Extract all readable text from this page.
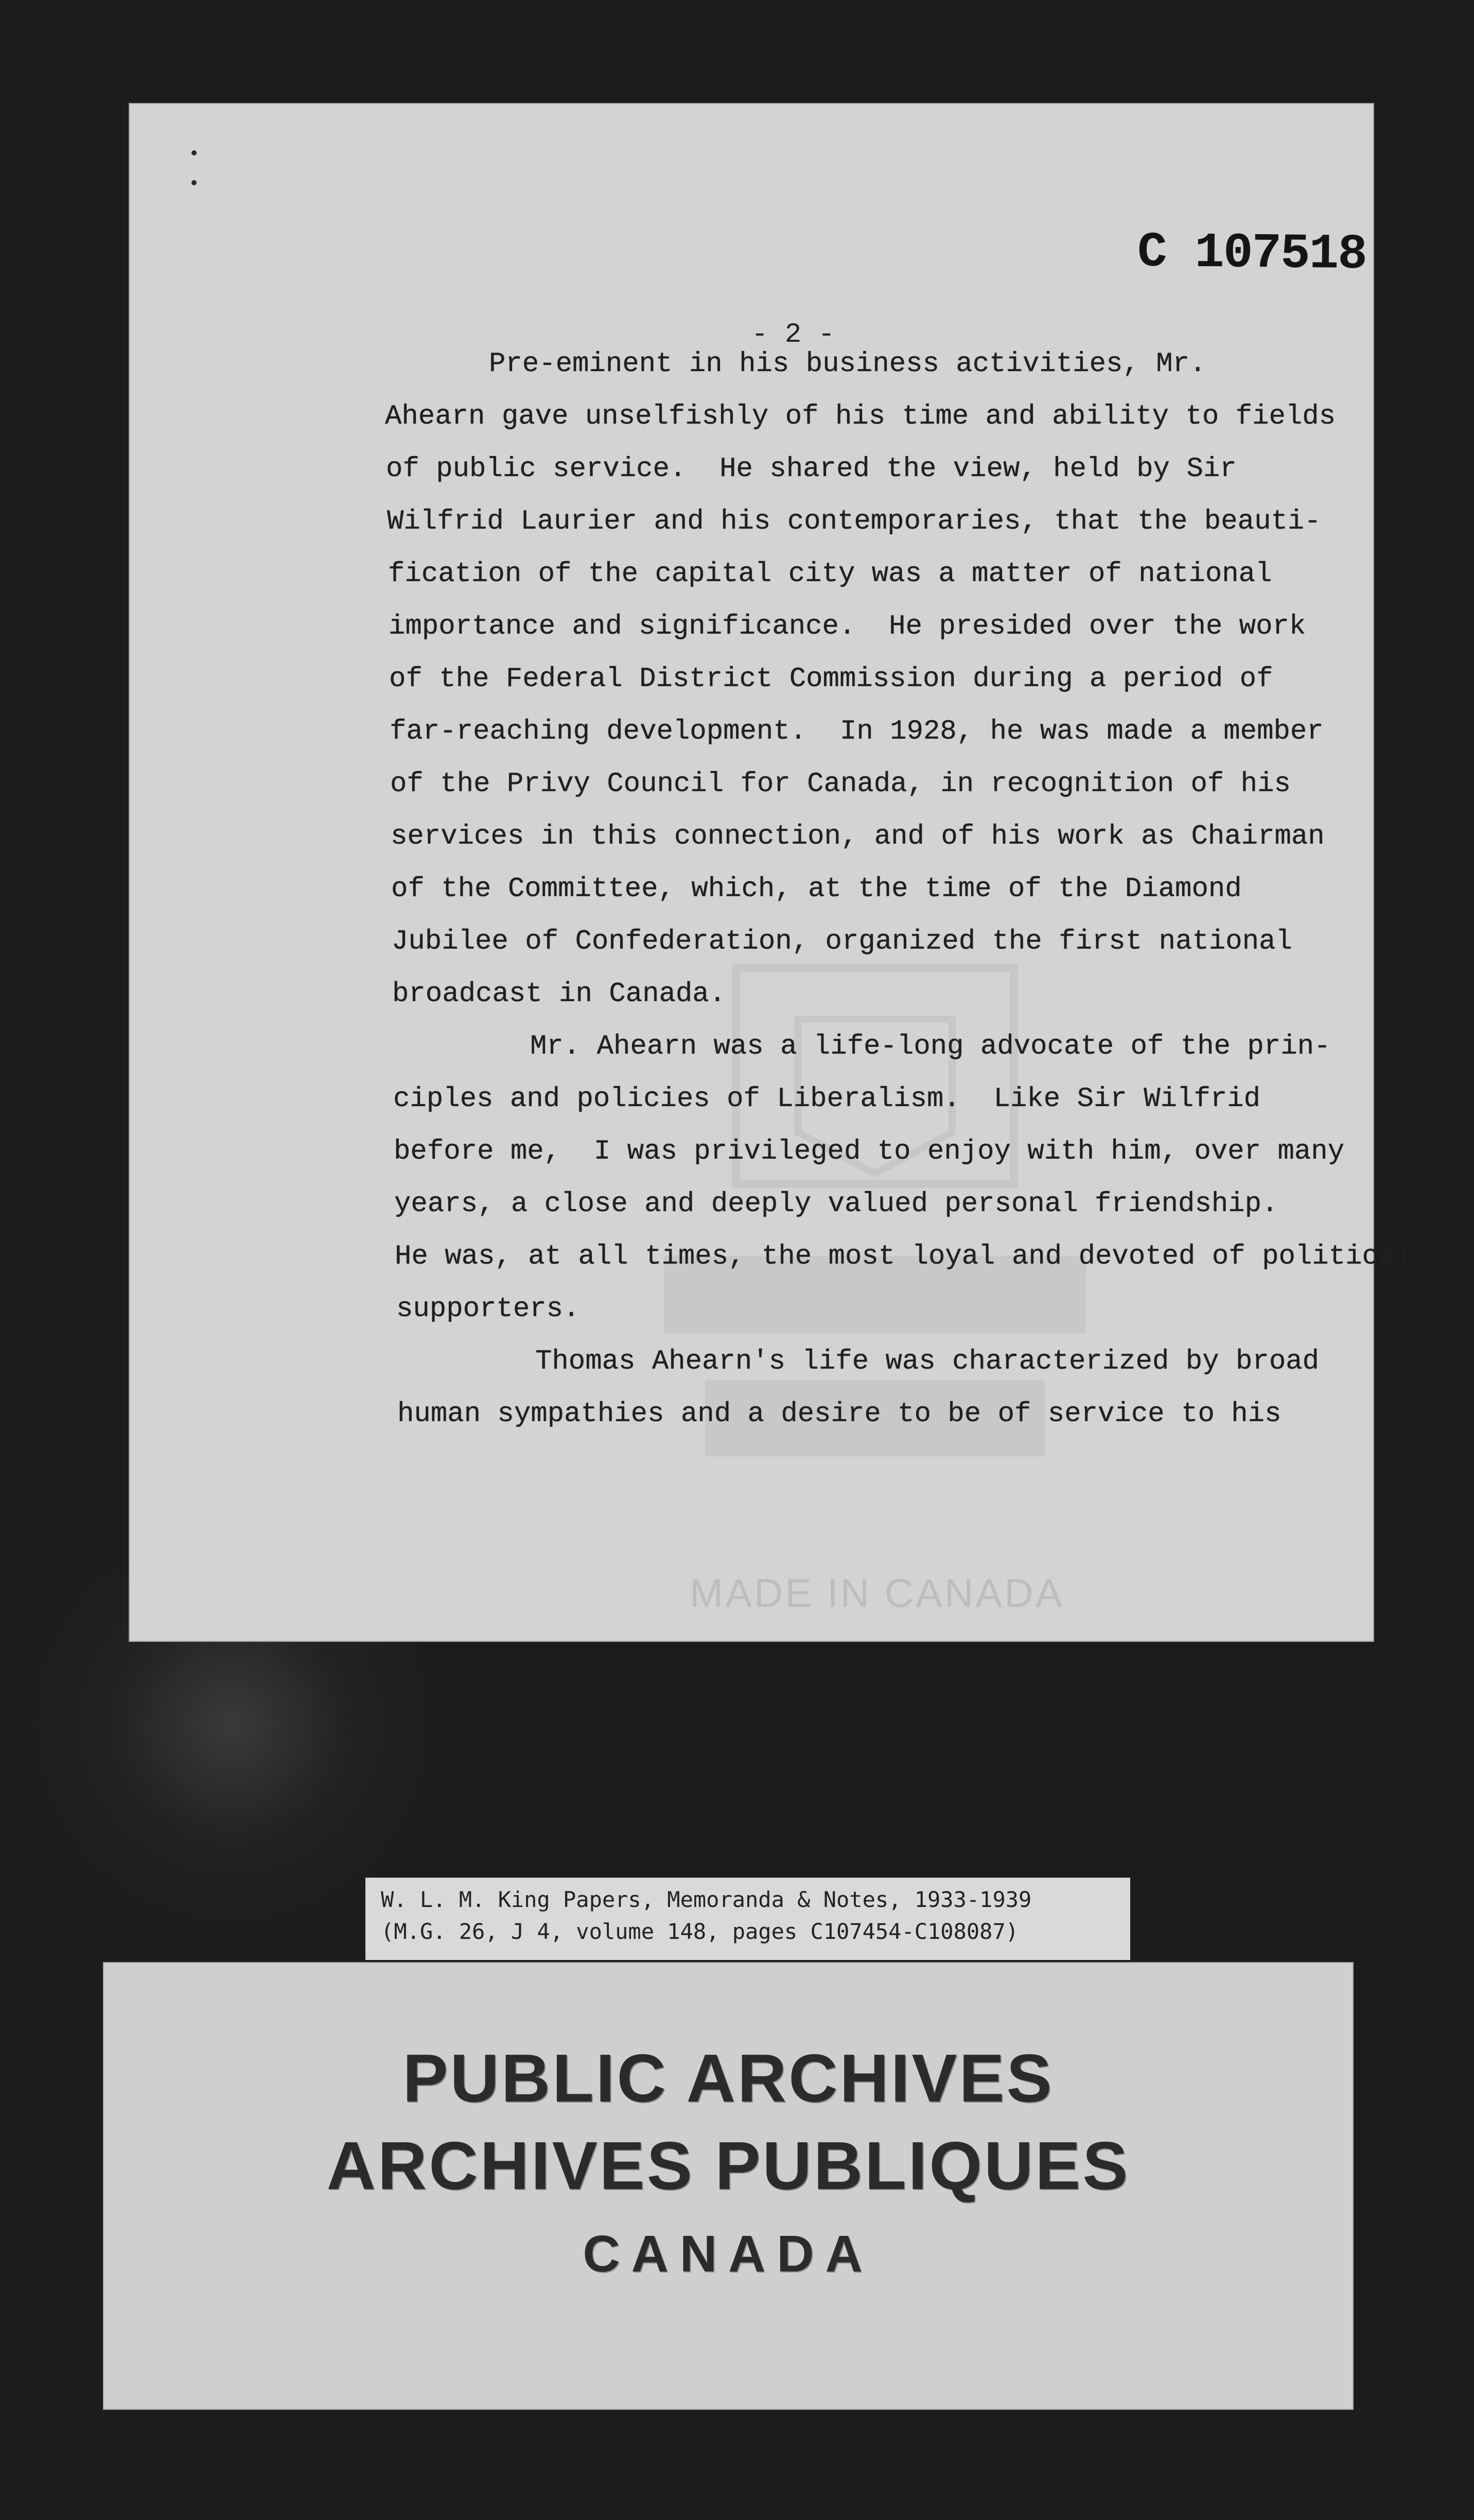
C 107518

- 2 -

MADE IN CANADA

Pre-eminent in his business activities, Mr.

Ahearn gave unselfishly of his time and ability to fields

of public service.  He shared the view, held by Sir

Wilfrid Laurier and his contemporaries, that the beauti-

fication of the capital city was a matter of national

importance and significance.  He presided over the work

of the Federal District Commission during a period of

far-reaching development.  In 1928, he was made a member

of the Privy Council for Canada, in recognition of his

services in this connection, and of his work as Chairman

of the Committee, which, at the time of the Diamond

Jubilee of Confederation, organized the first national

broadcast in Canada.

Mr. Ahearn was a life-long advocate of the prin-

ciples and policies of Liberalism.  Like Sir Wilfrid

before me,  I was privileged to enjoy with him, over many

years, a close and deeply valued personal friendship.

He was, at all times, the most loyal and devoted of political

supporters.

Thomas Ahearn's life was characterized by broad

human sympathies and a desire to be of service to his

W. L. M. King Papers, Memoranda & Notes, 1933-1939

(M.G. 26, J 4, volume 148, pages C107454-C108087)

PUBLIC ARCHIVES

ARCHIVES PUBLIQUES

CANADA
